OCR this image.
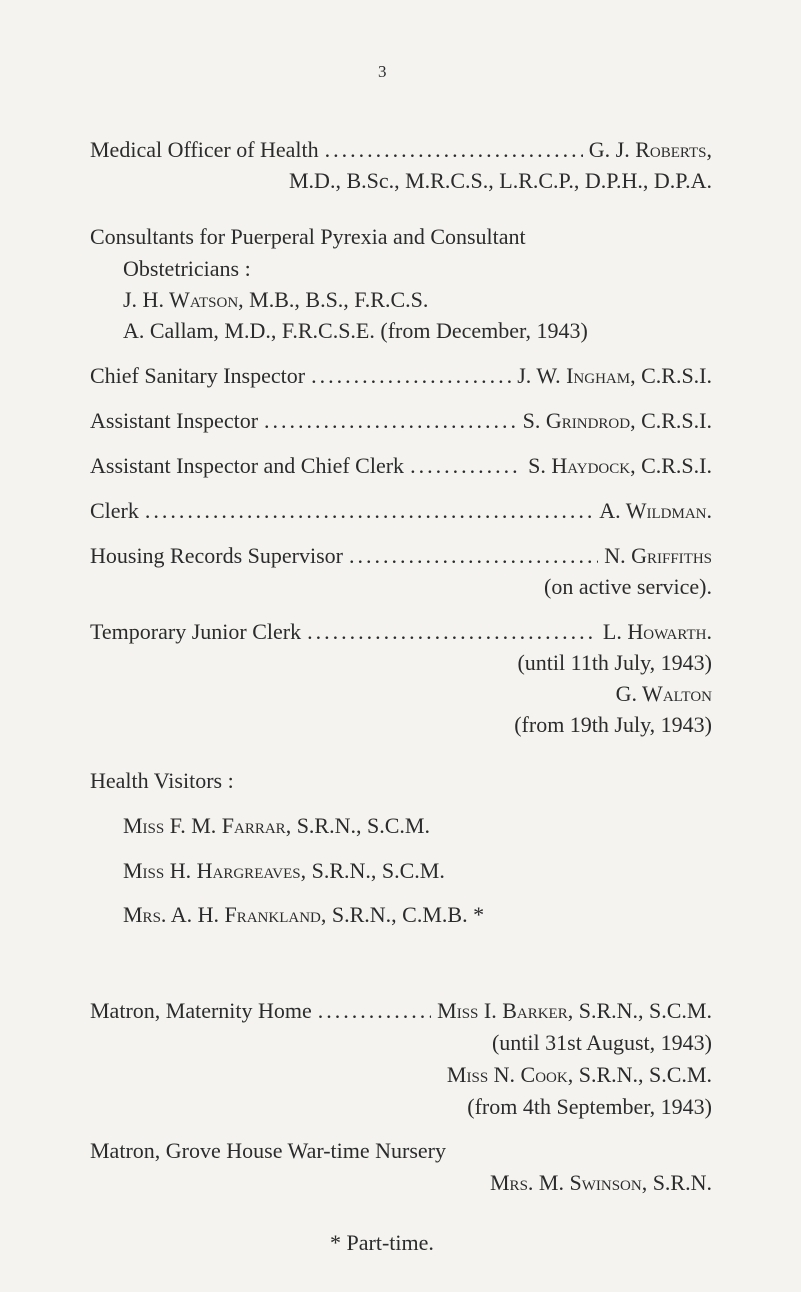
3
Medical Officer of Health .....	G. J. Roberts,
M.D., B.Sc., M.R.C.S., L.R.C.P., D.P.H., D.P.A.
Consultants for Puerperal Pyrexia and Consultant
Obstetricians :
J. H. Watson, M.B., B.S., F.R.C.S.
A. Callam, M.D., F.R.C.S.E. (from December, 1943)
Chief Sanitary Inspector .....	J. W. Ingham, C.R.S.I.
Assistant Inspector .....	S. Grindrod, C.R.S.I.
Assistant Inspector and Chief Clerk .....	S. Haydock, C.R.S.I.
Clerk .....	A. Wildman.
Housing Records Supervisor .....	N. Griffiths
(on active service).
Temporary Junior Clerk .....	L. Howarth.
(until 11th July, 1943)
G. Walton
(from 19th July, 1943)
Health Visitors :
Miss F. M. Farrar, S.R.N., S.C.M.
Miss H. Hargreaves, S.R.N., S.C.M.
Mrs. A. H. Frankland, S.R.N., C.M.B. *
Matron, Maternity Home .....	Miss I. Barker, S.R.N., S.C.M.
(until 31st August, 1943)
Miss N. Cook, S.R.N., S.C.M.
(from 4th September, 1943)
Matron, Grove House War-time Nursery
Mrs. M. Swinson, S.R.N.
* Part-time.
